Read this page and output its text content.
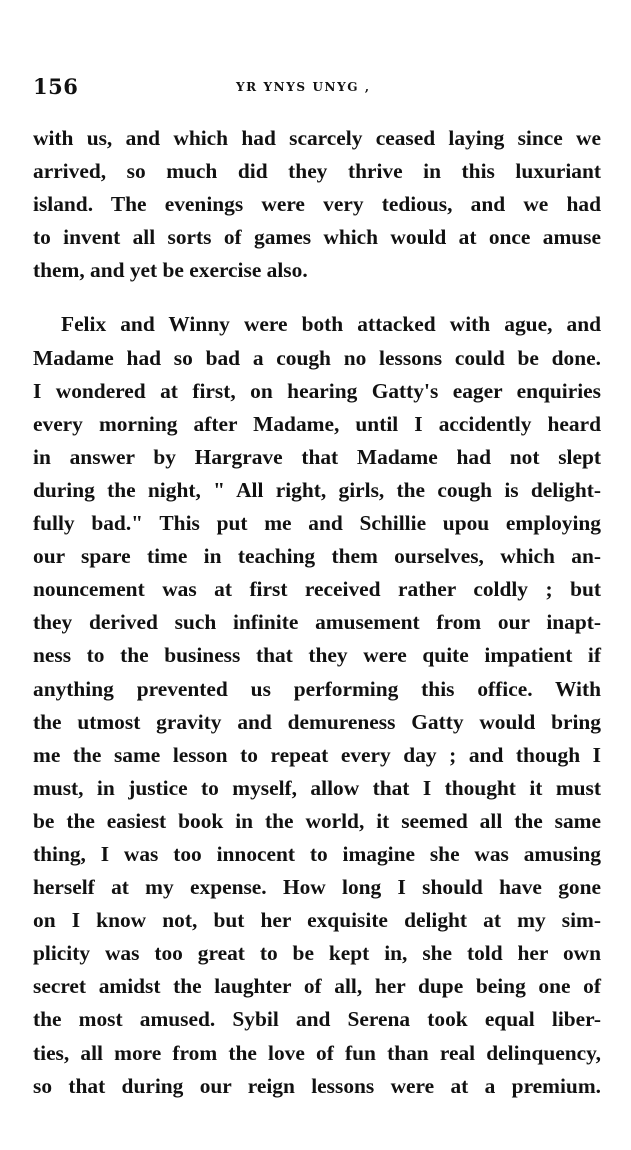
156	YR YNYS UNYG ,
with us, and which had scarcely ceased laying since we
arrived, so much did they thrive in this luxuriant
island. The evenings were very tedious, and we had
to invent all sorts of games which would at once amuse
them, and yet be exercise also.
Felix and Winny were both attacked with ague, and
Madame had so bad a cough no lessons could be done.
I wondered at first, on hearing Gatty's eager enquiries
every morning after Madame, until I accidently heard
in answer by Hargrave that Madame had not slept
during the night, " All right, girls, the cough is delight-
fully bad." This put me and Schillie upou employing
our spare time in teaching them ourselves, which an-
nouncement was at first received rather coldly ; but
they derived such infinite amusement from our inapt-
ness to the business that they were quite impatient if
anything prevented us performing this office. With
the utmost gravity and demureness Gatty would bring
me the same lesson to repeat every day ; and though I
must, in justice to myself, allow that I thought it must
be the easiest book in the world, it seemed all the same
thing, I was too innocent to imagine she was amusing
herself at my expense. How long I should have gone
on I know not, but her exquisite delight at my sim-
plicity was too great to be kept in, she told her own
secret amidst the laughter of all, her dupe being one of
the most amused. Sybil and Serena took equal liber-
ties, all more from the love of fun than real delinquency,
so that during our reign lessons were at a premium.
